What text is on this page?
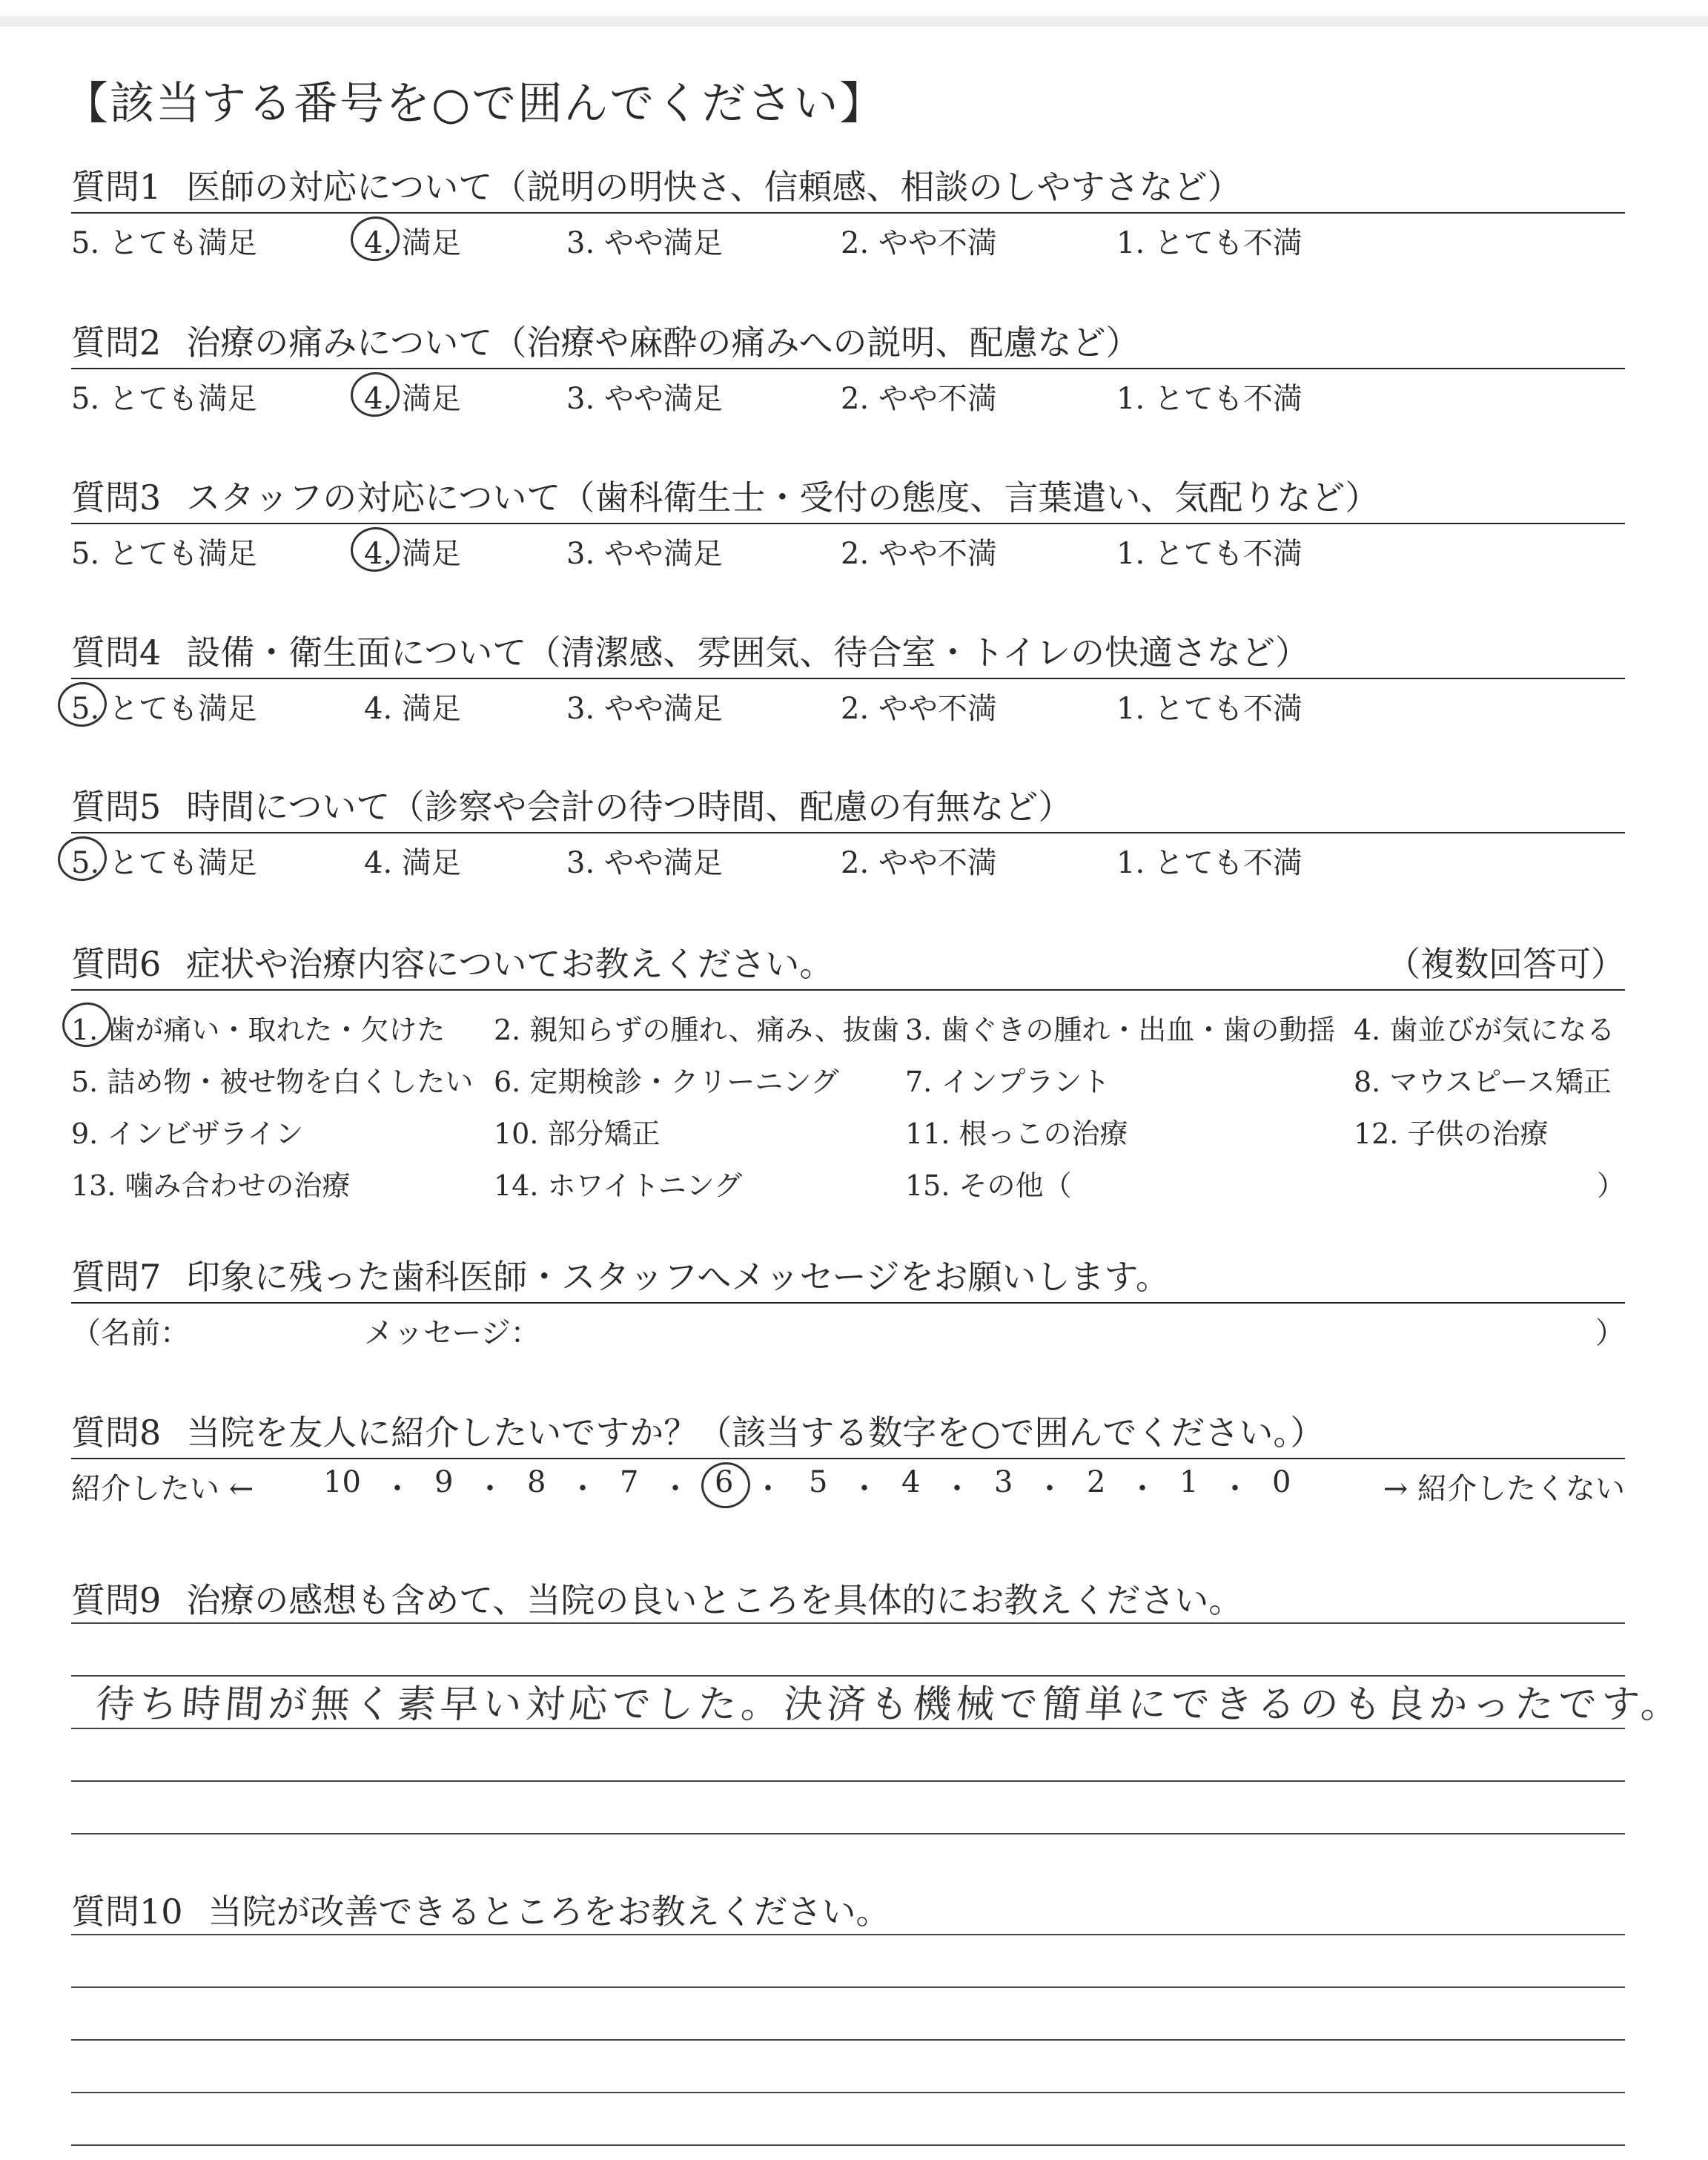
【該当する番号を○で囲んでください】
質問1 医師の対応について（説明の明快さ、信頼感、相談のしやすさなど）
5. とても満足	4. 満足	3. やや満足	2. やや不満	1. とても不満
質問2 治療の痛みについて（治療や麻酔の痛みへの説明、配慮など）
5. とても満足	4. 満足	3. やや満足	2. やや不満	1. とても不満
質問3 スタッフの対応について（歯科衛生士・受付の態度、言葉遣い、気配りなど）
5. とても満足	4. 満足	3. やや満足	2. やや不満	1. とても不満
質問4 設備・衛生面について（清潔感、雰囲気、待合室・トイレの快適さなど）
5. とても満足	4. 満足	3. やや満足	2. やや不満	1. とても不満
質問5 時間について（診察や会計の待つ時間、配慮の有無など）
5. とても満足	4. 満足	3. やや満足	2. やや不満	1. とても不満
質問6 症状や治療内容についてお教えください。	（複数回答可）
1. 歯が痛い・取れた・欠けた 2. 親知らずの腫れ、痛み、抜歯 3. 歯ぐきの腫れ・出血・歯の動揺 4. 歯並びが気になる
5. 詰め物・被せ物を白くしたい 6. 定期検診・クリーニング 7. インプラント	8. マウスピース矯正
9. インビザライン	10. 部分矯正	11. 根っこの治療	12. 子供の治療
13. 噛み合わせの治療	14. ホワイトニング	15. その他（	）
質問7 印象に残った歯科医師・スタッフへメッセージをお願いします。
（名前：	メッセージ：	）
質問8 当院を友人に紹介したいですか？（該当する数字を○で囲んでください。）
紹介したい ← 10 ・ 9 ・ 8 ・ 7 ・ 6 ・ 5 ・ 4 ・ 3 ・ 2 ・ 1 ・ 0	→ 紹介したくない
質問9 治療の感想も含めて、当院の良いところを具体的にお教えください。
待ち時間が無く素早い対応でした。決済も機械で簡単にできるのも良かったです。
質問10 当院が改善できるところをお教えください。
